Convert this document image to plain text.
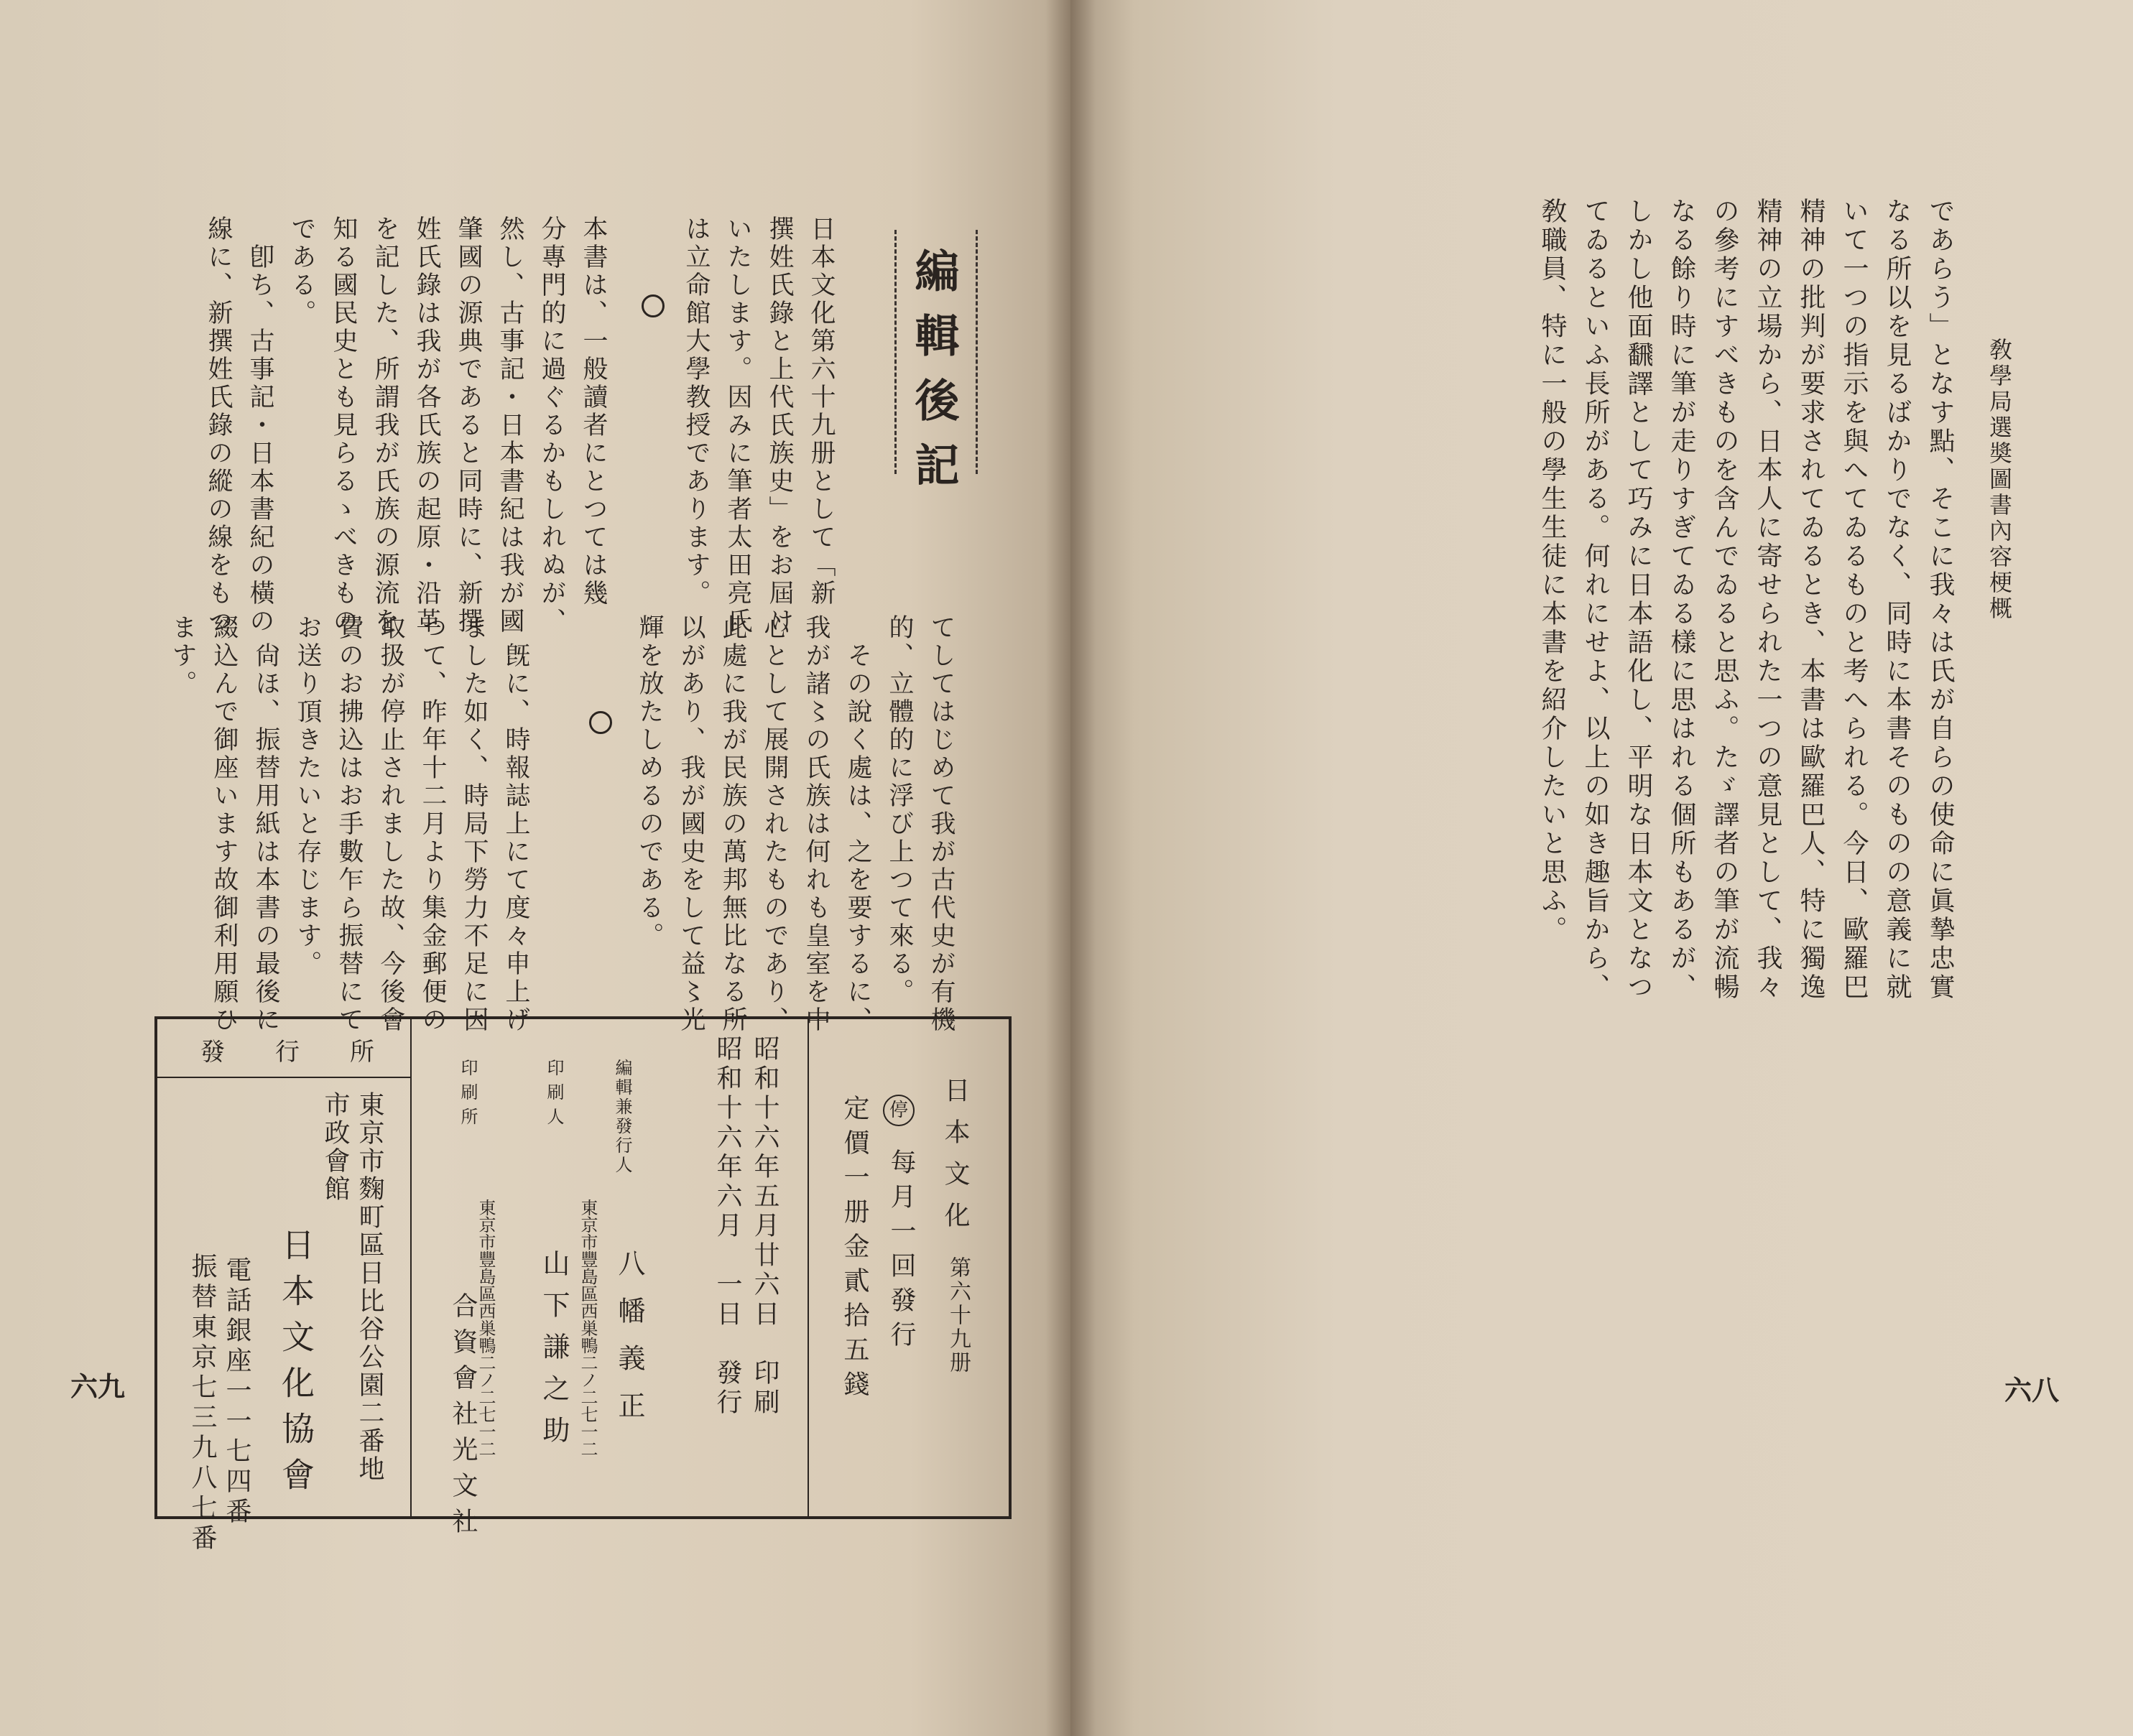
敎學局選奬圖書內容梗概
であらう」となす點、そこに我々は氏が自らの使命に眞摯忠實
なる所以を見るばかりでなく、同時に本書そのものの意義に就
いて一つの指示を與へてゐるものと考へられる。今日、歐羅巴
精神の批判が要求されてゐるとき、本書は歐羅巴人、特に獨逸
精神の立場から、日本人に寄せられた一つの意見として、我々
の參考にすべきものを含んでゐると思ふ。たゞ譯者の筆が流暢
なる餘り時に筆が走りすぎてゐる樣に思はれる個所もあるが、
しかし他面飜譯として巧みに日本語化し、平明な日本文となつ
てゐるといふ長所がある。何れにせよ、以上の如き趣旨から、
敎職員、特に一般の學生生徒に本書を紹介したいと思ふ。
六八
編輯後記
日本文化第六十九册として「新
撰姓氏錄と上代氏族史」をお屆け
いたします。因みに筆者太田亮氏
は立命館大學教授であります。
本書は、一般讀者にとつては幾
分專門的に過ぐるかもしれぬが、
然し、古事記・日本書紀は我が國
肇國の源典であると同時に、新撰
姓氏錄は我が各氏族の起原・沿革
を記した、所謂我が氏族の源流を
知る國民史とも見らるゝべきもの
である。
　卽ち、古事記・日本書紀の橫の
線に、新撰姓氏錄の縱の線をもつ
てしてはじめて我が古代史が有機
的、立體的に浮び上つて來る。
　その說く處は、之を要するに、
我が諸〻の氏族は何れも皇室を中
心として展開されたものであり、
此處に我が民族の萬邦無比なる所
以があり、我が國史をして益〻光
輝を放たしめるのである。
　旣に、時報誌上にて度々申上げ
ました如く、時局下勞力不足に因
つて、昨年十二月より集金郵便の
取扱が停止されました故、今後會
費のお拂込はお手數乍ら振替にて
お送り頂きたいと存じます。
　尙ほ、振替用紙は本書の最後に
綴込んで御座います故御利用願ひ
ます。
日本文化
第六十九册
停
每月一回發行
定價一册金貳拾五錢
昭和十六年五月廿六日　印刷
昭和十六年六月　一日　發行
編輯兼發行人
東京市豐島區西巣鴨二ノ二七一二 八幡義正
印刷人
山下謙之助
印刷所
東京市豐島區西巣鴨二ノ二七一二
合資會社光文社
發行所
東京市麴町區日比谷公園二番地
市政會館
日本文化協會
電話銀座一一七四番
振替東京七三九八七番
六九
